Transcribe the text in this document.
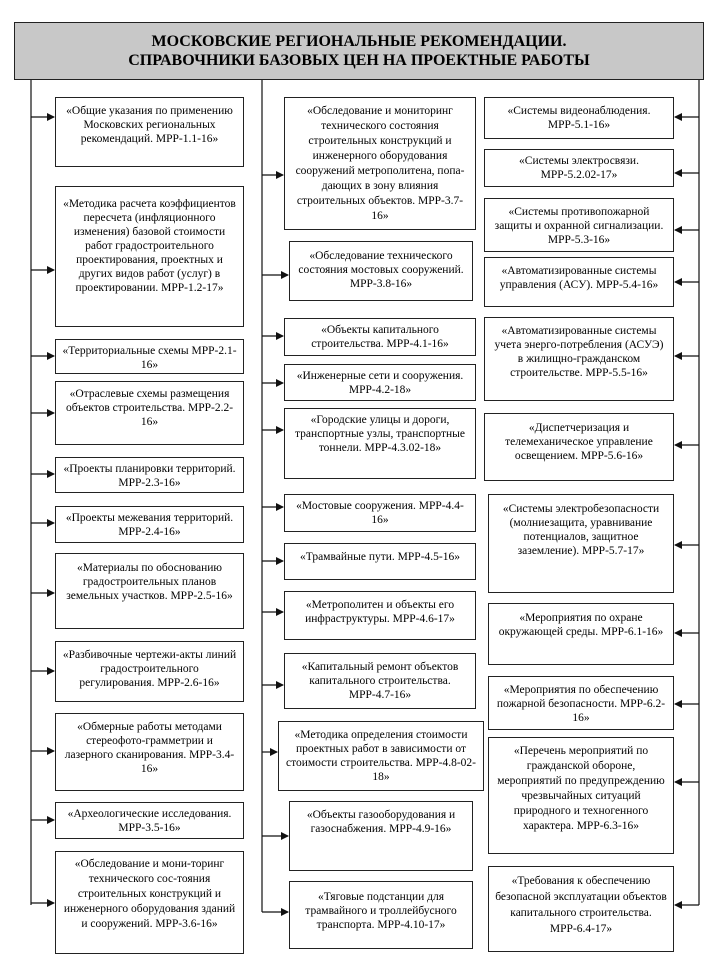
МОСКОВСКИЕ РЕГИОНАЛЬНЫЕ РЕКОМЕНДАЦИИ.
СПРАВОЧНИКИ БАЗОВЫХ ЦЕН НА ПРОЕКТНЫЕ РАБОТЫ
«Общие указания по применению Московских региональных рекомендаций. МРР-1.1-16»
«Методика расчета коэффициентов пересчета (инфляционного изменения) базовой стоимости работ градостроительного проектирования, проектных и других видов работ (услуг) в проектировании. МРР-1.2-17»
«Территориальные схемы МРР-2.1-16»
«Отраслевые схемы размещения объектов строительства. МРР-2.2-16»
«Проекты планировки территорий. МРР-2.3-16»
«Проекты межевания территорий. МРР-2.4-16»
«Материалы по обоснованию градостроительных планов земельных участков. МРР-2.5-16»
«Разбивочные чертежи-акты линий градостроительного регулирования. МРР-2.6-16»
«Обмерные работы методами стереофото-грамметрии и лазерного сканирования. МРР-3.4-16»
«Археологические исследования. МРР-3.5-16»
«Обследование и мони-торинг технического сос-тояния строительных конструкций и инженерного оборудования зданий и сооружений. МРР-3.6-16»
«Обследование и мониторинг технического состояния строительных конструкций и инженерного оборудования сооружений метрополитена, попа-дающих в зону влияния строительных объектов. МРР-3.7-16»
«Обследование технического состояния мостовых сооружений. МРР-3.8-16»
«Объекты капитального строительства. МРР-4.1-16»
«Инженерные сети и сооружения. МРР-4.2-18»
«Городские улицы и дороги, транспортные узлы, транспортные тоннели. МРР-4.3.02-18»
«Мостовые сооружения. МРР-4.4-16»
«Трамвайные пути. МРР-4.5-16»
«Метрополитен и объекты его инфраструктуры. МРР-4.6-17»
«Капитальный ремонт объектов капитального строительства. МРР-4.7-16»
«Методика определения стоимости проектных работ в зависимости от стоимости строительства. МРР-4.8-02-18»
«Объекты газооборудования и газоснабжения. МРР-4.9-16»
«Тяговые подстанции для трамвайного и троллейбусного транспорта. МРР-4.10-17»
«Системы видеонаблюдения. МРР-5.1-16»
«Системы электросвязи. МРР-5.2.02-17»
«Системы противопожарной защиты и охранной сигнализации. МРР-5.3-16»
«Автоматизированные системы управления (АСУ). МРР-5.4-16»
«Автоматизированные системы учета энерго-потребления (АСУЭ) в жилищно-гражданском строительстве. МРР-5.5-16»
«Диспетчеризация и телемеханическое управление освещением. МРР-5.6-16»
«Системы электробезопасности (молниезащита, уравнивание потенциалов, защитное заземление). МРР-5.7-17»
«Мероприятия по охране окружающей среды. МРР-6.1-16»
«Мероприятия по обеспечению пожарной безопасности. МРР-6.2-16»
«Перечень мероприятий по гражданской обороне, мероприятий по предупреждению чрезвычайных ситуаций природного и техногенного характера. МРР-6.3-16»
«Требования к обеспечению безопасной эксплуатации объектов капитального строительства. МРР-6.4-17»
